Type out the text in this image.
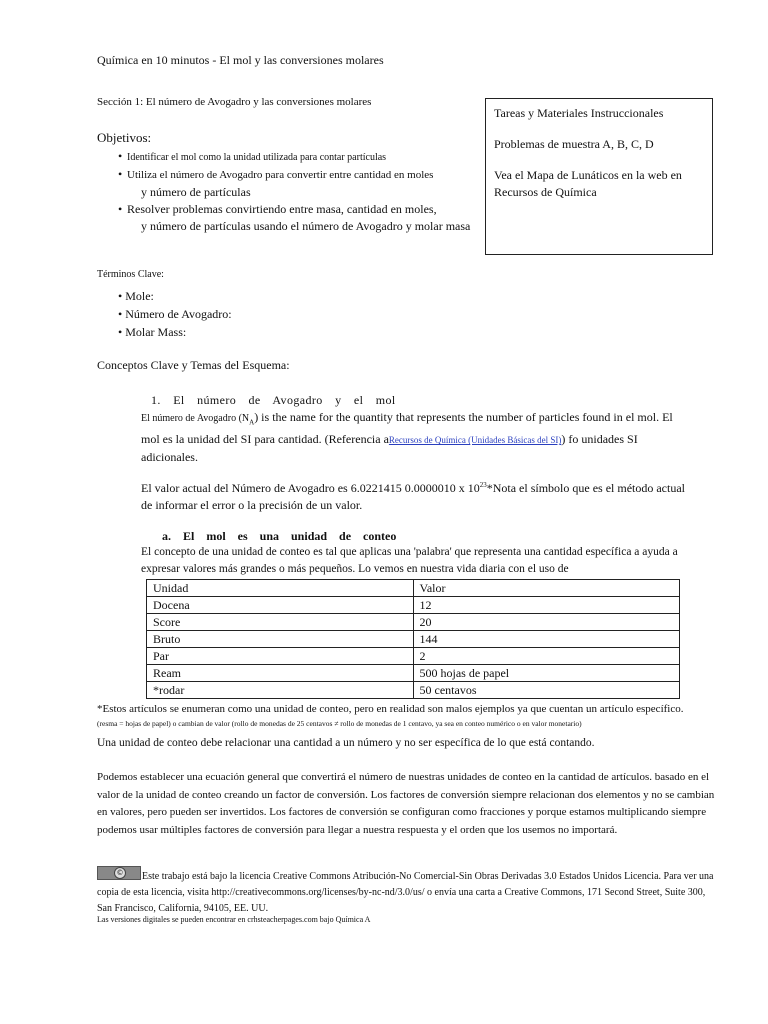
Química en 10 minutos - El mol y las conversiones molares
Sección 1: El número de Avogadro y las conversiones molares
Tareas y Materiales Instruccionales
Problemas de muestra A, B, C, D
Vea el Mapa de Lunáticos en la web en Recursos de Química
Objetivos:
• Identificar el mol como la unidad utilizada para contar partículas
• Utiliza el número de Avogadro para convertir entre cantidad en moles
y número de partículas
• Resolver problemas convirtiendo entre masa, cantidad en moles,
y número de partículas usando el número de Avogadro y molar masa
Términos Clave:
• Mole:
• Número de Avogadro:
• Molar Mass:
Conceptos Clave y Temas del Esquema:
1. El número de Avogadro y el mol
El número de Avogadro $(N_A)$ is the name for the quantity that represents the number of particles found in el mol. El mol es la unidad del SI para cantidad. (Referencia aRecursos de Química (Unidades Básicas del SI)) fo unidades SI adicionales.
El valor actual del Número de Avogadro es 6.0221415 0.0000010 x $10^{23}*Nota$ el símbolo que es el método actual de informar el error o la precisión de un valor.
a. El mol es una unidad de conteo
El concepto de una unidad de conteo es tal que aplicas una 'palabra' que representa una cantidad específica a ayuda a expresar valores más grandes o más pequeños. Lo vemos en nuestra vida diaria con el uso de
Unidad	Valor
Docena	12
Score	20
Bruto	144
Par	2
Ream	500 hojas de papel
*rodar	50 centavos
*Estos artículos se enumeran como una unidad de conteo, pero en realidad son malos ejemplos ya que cuentan un artículo específico.
(resma = hojas de papel) o cambian de valor (rollo de monedas de 25 centavos ≠ rollo de monedas de 1 centavo, ya sea en conteo numérico o en valor monetario)
Una unidad de conteo debe relacionar una cantidad a un número y no ser específica de lo que está contando.
Podemos establecer una ecuación general que convertirá el número de nuestras unidades de conteo en la cantidad de artículos. basado en el valor de la unidad de conteo creando un factor de conversión. Los factores de conversión siempre relacionan dos elementos y no se cambian en valores, pero pueden ser invertidos. Los factores de conversión se configuran como fracciones y porque estamos multiplicando siempre podemos usar múltiples factores de conversión para llegar a nuestra respuesta y el orden que los usemos no importará.
©	Este trabajo está bajo la licencia Creative Commons Atribución-No Comercial-Sin Obras Derivadas 3.0 Estados Unidos Licencia. Para ver una copia de esta licencia, visita http://creativecommons.org/licenses/by-nc-nd/3.0/us/ o envía una carta a Creative Commons, 171 Second Street, Suite 300, San Francisco, California, 94105, EE. UU.
Las versiones digitales se pueden encontrar en crhsteacherpages.com bajo Química A
